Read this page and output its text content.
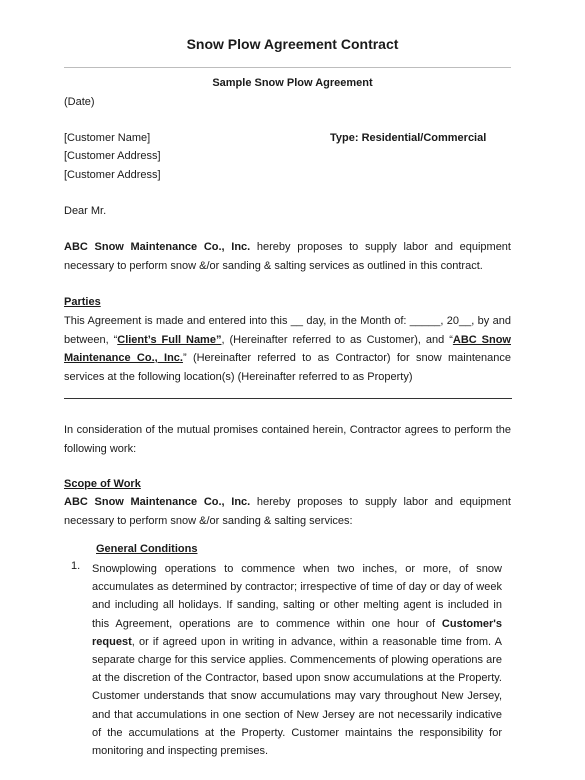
Snow Plow Agreement Contract
Sample Snow Plow Agreement
(Date)
[Customer Name]	Type: Residential/Commercial
[Customer Address]
[Customer Address]
Dear Mr.
ABC Snow Maintenance Co., Inc. hereby proposes to supply labor and equipment necessary to perform snow &/or sanding & salting services as outlined in this contract.
Parties
This Agreement is made and entered into this __ day, in the Month of: _____, 20__, by and between, “Client’s Full Name”, (Hereinafter referred to as Customer), and “ABC Snow Maintenance Co., Inc.” (Hereinafter referred to as Contractor) for snow maintenance services at the following location(s) (Hereinafter referred to as Property)
In consideration of the mutual promises contained herein, Contractor agrees to perform the following work:
Scope of Work
ABC Snow Maintenance Co., Inc. hereby proposes to supply labor and equipment necessary to perform snow &/or sanding & salting services:
General Conditions
1. Snowplowing operations to commence when two inches, or more, of snow accumulates as determined by contractor; irrespective of time of day or day of week and including all holidays. If sanding, salting or other melting agent is included in this Agreement, operations are to commence within one hour of Customer's request, or if agreed upon in writing in advance, within a reasonable time from. A separate charge for this service applies. Commencements of plowing operations are at the discretion of the Contractor, based upon snow accumulations at the Property. Customer understands that snow accumulations may vary throughout New Jersey, and that accumulations in one section of New Jersey are not necessarily indicative of the accumulations at the Property. Customer maintains the responsibility for monitoring and inspecting premises.
